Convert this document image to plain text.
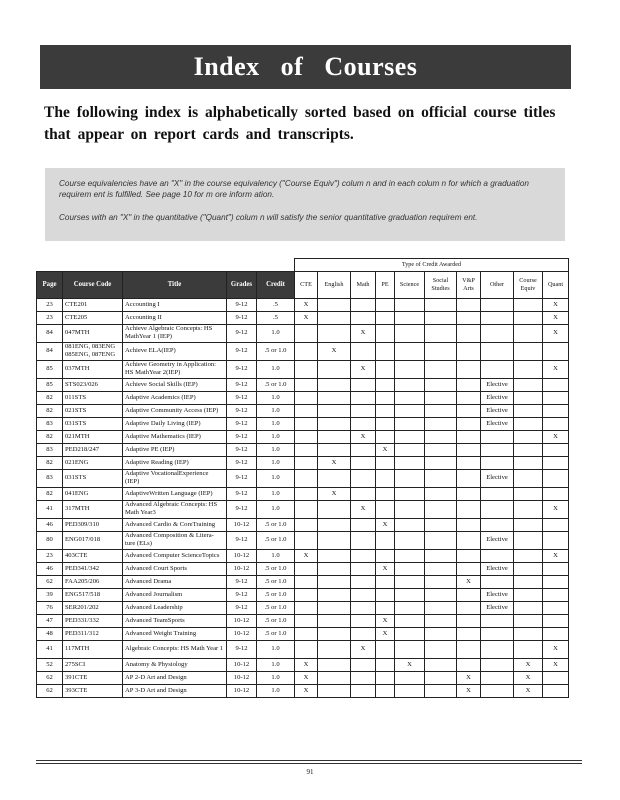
Index of Courses
The following index is alphabetically sorted based on official course titles that appear on report cards and transcripts.

Course equivalencies have an "X" in the course equivalency ("Course Equiv") colum n and in each colum n for which a graduation requirem ent is fulfilled. See page 10 for m ore inform ation.

Courses with an "X" in the quantitative ("Quant") colum n will satisfy the senior quantitative graduation requirem ent.

					Type of Credit Awarded									
Page	Course Code	Title	Grades	Credit	CTE	English	Math	PE	Science	Social Studies	V&P Arts	Other	Course Equiv	Quant
23	CTE201	Accounting I	9-12	.5	X									X
23	CTE205	Accounting II	9-12	.5	X									X
84	047MTH	Achieve Algebraic Concepts: HS MathYear 1 (IEP)	9-12	1.0			X							X
84	081ENG, 083ENG 085ENG, 087ENG	Achieve ELA(IEP)	9-12	.5 or 1.0		X								
85	037MTH	Achieve Geometry in Application: HS MathYear 2(IEP)	9-12	1.0			X							X
85	STS023/026	Achieve Social Skills (IEP)	9-12	.5 or 1.0								Elective		
82	011STS	Adaptive Academics (IEP)	9-12	1.0								Elective		
82	021STS	Adaptive Community Access (IEP)	9-12	1.0								Elective		
83	031STS	Adaptive Daily Living (IEP)	9-12	1.0								Elective		
82	021MTH	Adaptive Mathematics (IEP)	9-12	1.0			X							X
83	PED218/247	Adaptive PE (IEP)	9-12	1.0				X						
82	021ENG	Adaptive Reading (IEP)	9-12	1.0		X								
83	031STS	Adaptive VocationalExperience (IEP)	9-12	1.0								Elective		
82	041ENG	AdaptiveWritten Language (IEP)	9-12	1.0		X								
41	317MTH	Advanced Algebraic Concepts: HS Math Year3	9-12	1.0			X							X
46	PED309/310	Advanced Cardio & CoreTraining	10-12	.5 or 1.0				X						
80	ENG017/018	Advanced Composition & Litera-ture (ELs)	9-12	.5 or 1.0								Elective		
23	403CTE	Advanced Computer ScienceTopics	10-12	1.0	X									X
46	PED341/342	Advanced Court Sports	10-12	.5 or 1.0				X				Elective		
62	FAA205/206	Advanced Drama	9-12	.5 or 1.0							X			
39	ENG517/518	Advanced Journalism	9-12	.5 or 1.0								Elective		
76	SER201/202	Advanced Leadership	9-12	.5 or 1.0								Elective		
47	PED331/332	Advanced TeamSports	10-12	.5 or 1.0				X						
48	PED311/312	Advanced Weight Training	10-12	.5 or 1.0				X						
41	117MTH	Algebraic Concepts: HS Math Year 1	9-12	1.0			X							X
52	275SCI	Anatomy & Physiology	10-12	1.0	X				X				X	X
62	391CTE	AP 2-D Art and Design	10-12	1.0	X						X		X	
62	393CTE	AP 3-D Art and Design	10-12	1.0	X						X		X	
91
